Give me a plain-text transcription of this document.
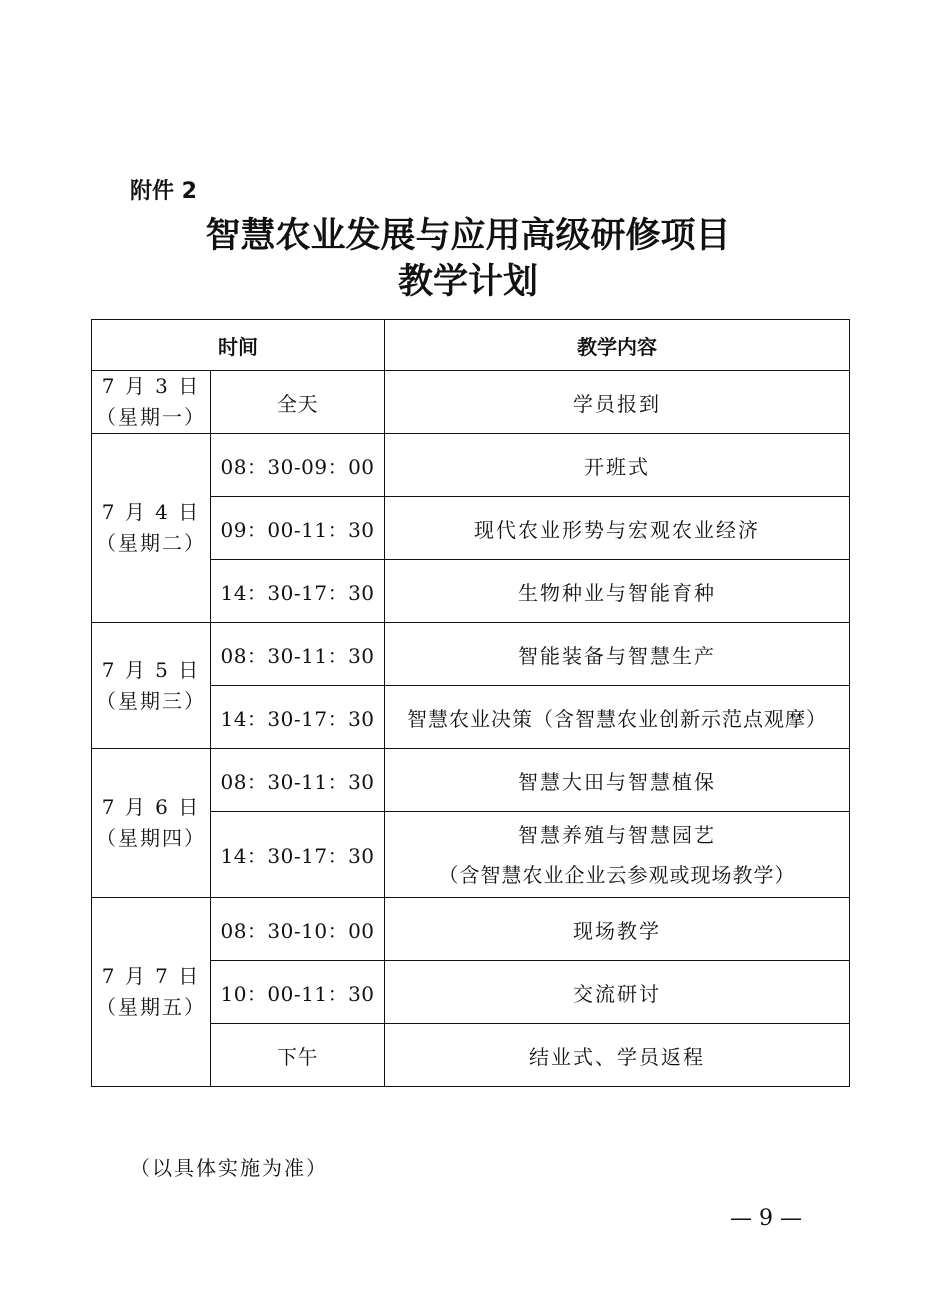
附件 2
智慧农业发展与应用高级研修项目
教学计划
时间		教学内容

7 月 3 日
（星期一）	全天	学员报到

7 月 4 日
（星期二）	08：30-09：00	开班式
	09：00-11：30	现代农业形势与宏观农业经济
	14：30-17：30	生物种业与智能育种

7 月 5 日
（星期三）	08：30-11：30	智能装备与智慧生产
	14：30-17：30	智慧农业决策（含智慧农业创新示范点观摩）

7 月 6 日
（星期四）	08：30-11：30	智慧大田与智慧植保
	14：30-17：30	智慧养殖与智慧园艺
（含智慧农业企业云参观或现场教学）

7 月 7 日
（星期五）	08：30-10：00	现场教学
	10：00-11：30	交流研讨
	下午	结业式、学员返程
（以具体实施为准）
— 9 —
